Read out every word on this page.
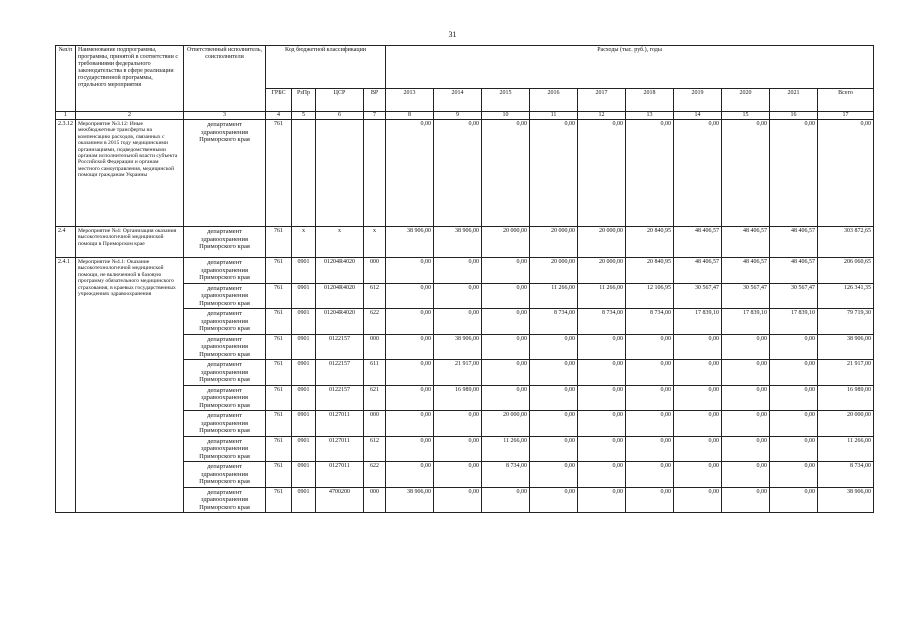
31
№п/п	Наименование подпрограммы, программы, принятой в соответствии с требованиями федерального законодательства в сфере реализации государственной программы, отдельного мероприятия	Ответственный исполнитель, соисполнители	Код бюджетной классификации				Расходы (тыс. руб.), годы									
			ГРБС	РзПр	ЦСР	ВР	2013	2014	2015	2016	2017	2018	2019	2020	2021	Всего
1	2	3	4	5	6	7	8	9	10	11	12	13	14	15	16	17
2.3.12	Мероприятие №3.12: Иные межбюджетные трансферты на компенсацию расходов, связанных с оказанием в 2015 году медицинскими организациями, подведомственными органам исполнительной власти субъекта Российской Федерации и органам местного самоуправления, медицинской помощи гражданам Украины	департамент здравоохранения Приморского края	761				0,00	0,00	0,00	0,00	0,00	0,00	0,00	0,00	0,00	0,00
2.4	Мероприятие №4: Организация оказания высокотехнологичной медицинской помощи в Приморском крае	департамент здравоохранения Приморского края	761	х	х	х	38 906,00	38 906,00	20 000,00	20 000,00	20 000,00	20 840,95	48 406,57	48 406,57	48 406,57	303 872,65
2.4.1	Мероприятие №4.1: Оказание высокотехнологичной медицинской помощи, не включенной в базовую программу обязательного медицинского страхования, в краевых государственных учреждениях здравоохранения	департамент здравоохранения Приморского края	761	0901	01204R4020	000	0,00	0,00	0,00	20 000,00	20 000,00	20 840,95	48 406,57	48 406,57	48 406,57	206 060,65
		департамент здравоохранения Приморского края	761	0901	01204R4020	612	0,00	0,00	0,00	11 266,00	11 266,00	12 106,95	30 567,47	30 567,47	30 567,47	126 341,35
		департамент здравоохранения Приморского края	761	0901	01204R4020	622	0,00	0,00	0,00	8 734,00	8 734,00	8 734,00	17 839,10	17 839,10	17 839,10	79 719,30
		департамент здравоохранения Приморского края	761	0901	0122157	000	0,00	38 906,00	0,00	0,00	0,00	0,00	0,00	0,00	0,00	38 906,00
		департамент здравоохранения Приморского края	761	0901	0122157	611	0,00	21 917,00	0,00	0,00	0,00	0,00	0,00	0,00	0,00	21 917,00
		департамент здравоохранения Приморского края	761	0901	0122157	621	0,00	16 989,00	0,00	0,00	0,00	0,00	0,00	0,00	0,00	16 989,00
		департамент здравоохранения Приморского края	761	0901	0127011	000	0,00	0,00	20 000,00	0,00	0,00	0,00	0,00	0,00	0,00	20 000,00
		департамент здравоохранения Приморского края	761	0901	0127011	612	0,00	0,00	11 266,00	0,00	0,00	0,00	0,00	0,00	0,00	11 266,00
		департамент здравоохранения Приморского края	761	0901	0127011	622	0,00	0,00	8 734,00	0,00	0,00	0,00	0,00	0,00	0,00	8 734,00
		департамент здравоохранения Приморского края	761	0901	4700200	000	38 906,00	0,00	0,00	0,00	0,00	0,00	0,00	0,00	0,00	38 906,00
